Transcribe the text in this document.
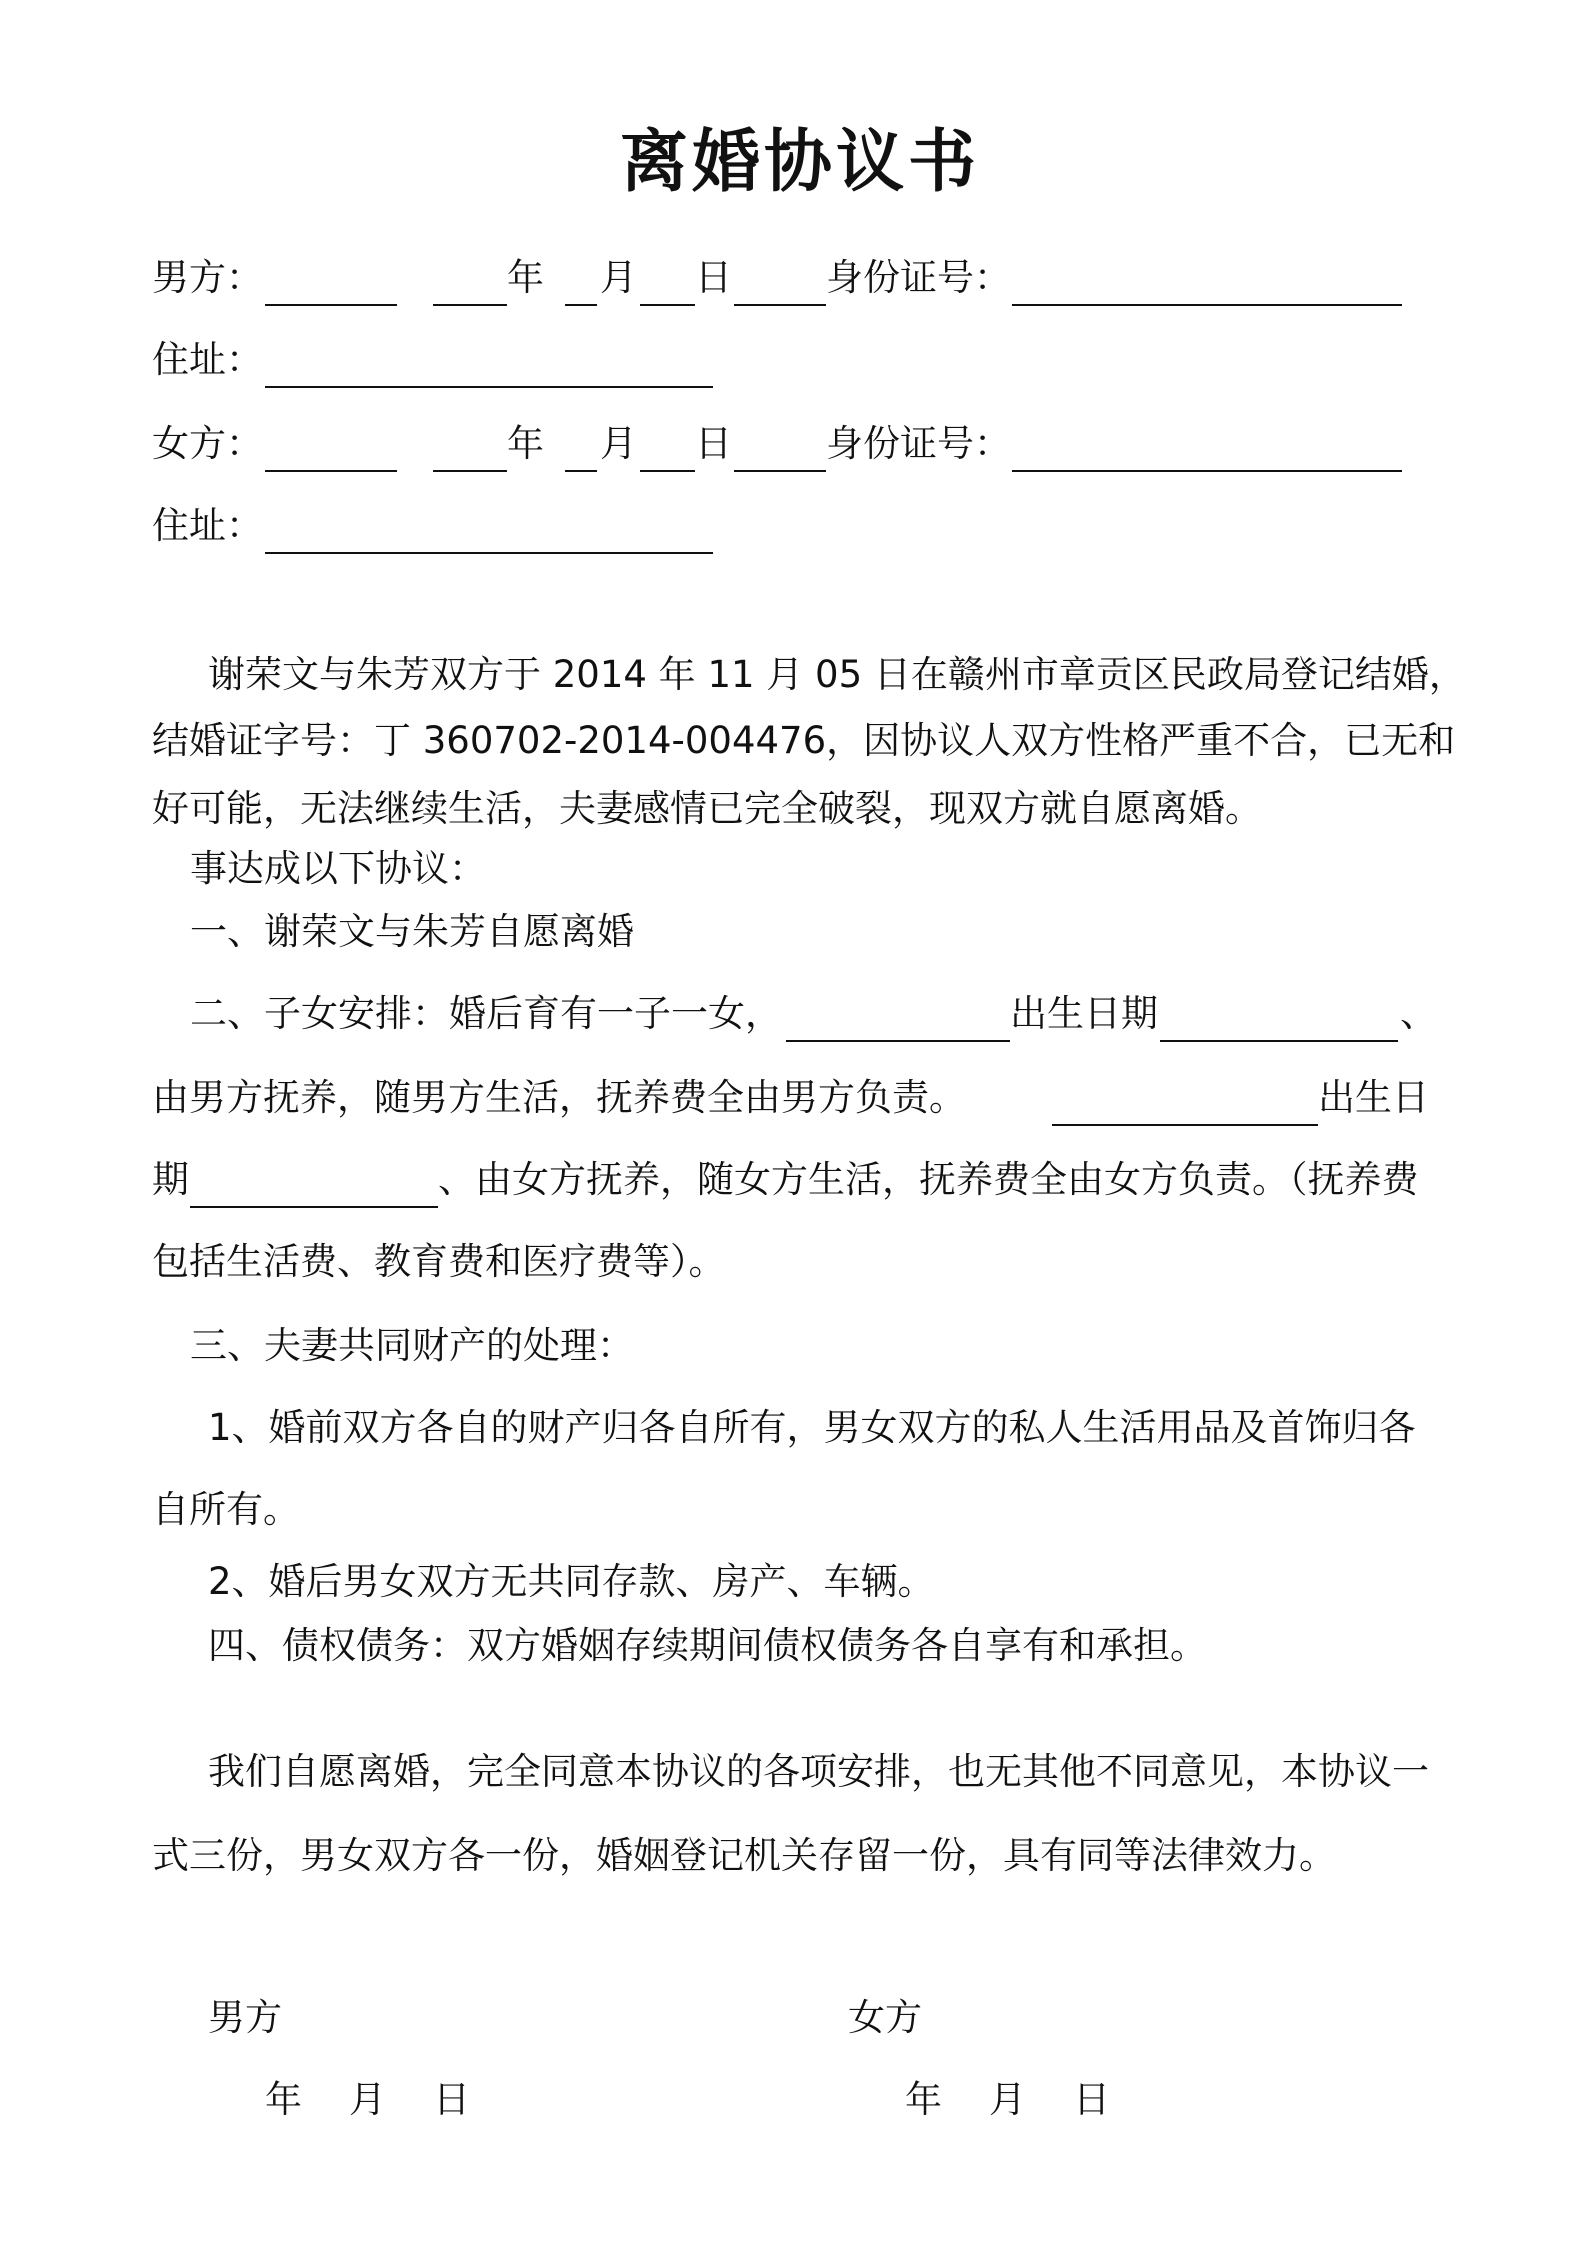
离婚协议书
男方：	年 月 日	身份证号：
住址：
女方：	年 月 日	身份证号：
住址：
谢荣文与朱芳双方于 2014 年 11 月 05 日在赣州市章贡区民政局登记结婚，
结婚证字号：丁 360702-2014-004476，因协议人双方性格严重不合，已无和
好可能，无法继续生活，夫妻感情已完全破裂，现双方就自愿离婚。
事达成以下协议：
一、谢荣文与朱芳自愿离婚
二、子女安排：婚后育有一子一女，	出生日期	、
由男方抚养，随男方生活，抚养费全由男方负责。	出生日
期	、由女方抚养，随女方生活，抚养费全由女方负责。（抚养费
包括生活费、教育费和医疗费等）。
三、夫妻共同财产的处理：
1、婚前双方各自的财产归各自所有，男女双方的私人生活用品及首饰归各
自所有。
2、婚后男女双方无共同存款、房产、车辆。
四、债权债务：双方婚姻存续期间债权债务各自享有和承担。
我们自愿离婚，完全同意本协议的各项安排，也无其他不同意见，本协议一
式三份，男女双方各一份，婚姻登记机关存留一份，具有同等法律效力。
男方	女方
年    月    日	年    月    日
